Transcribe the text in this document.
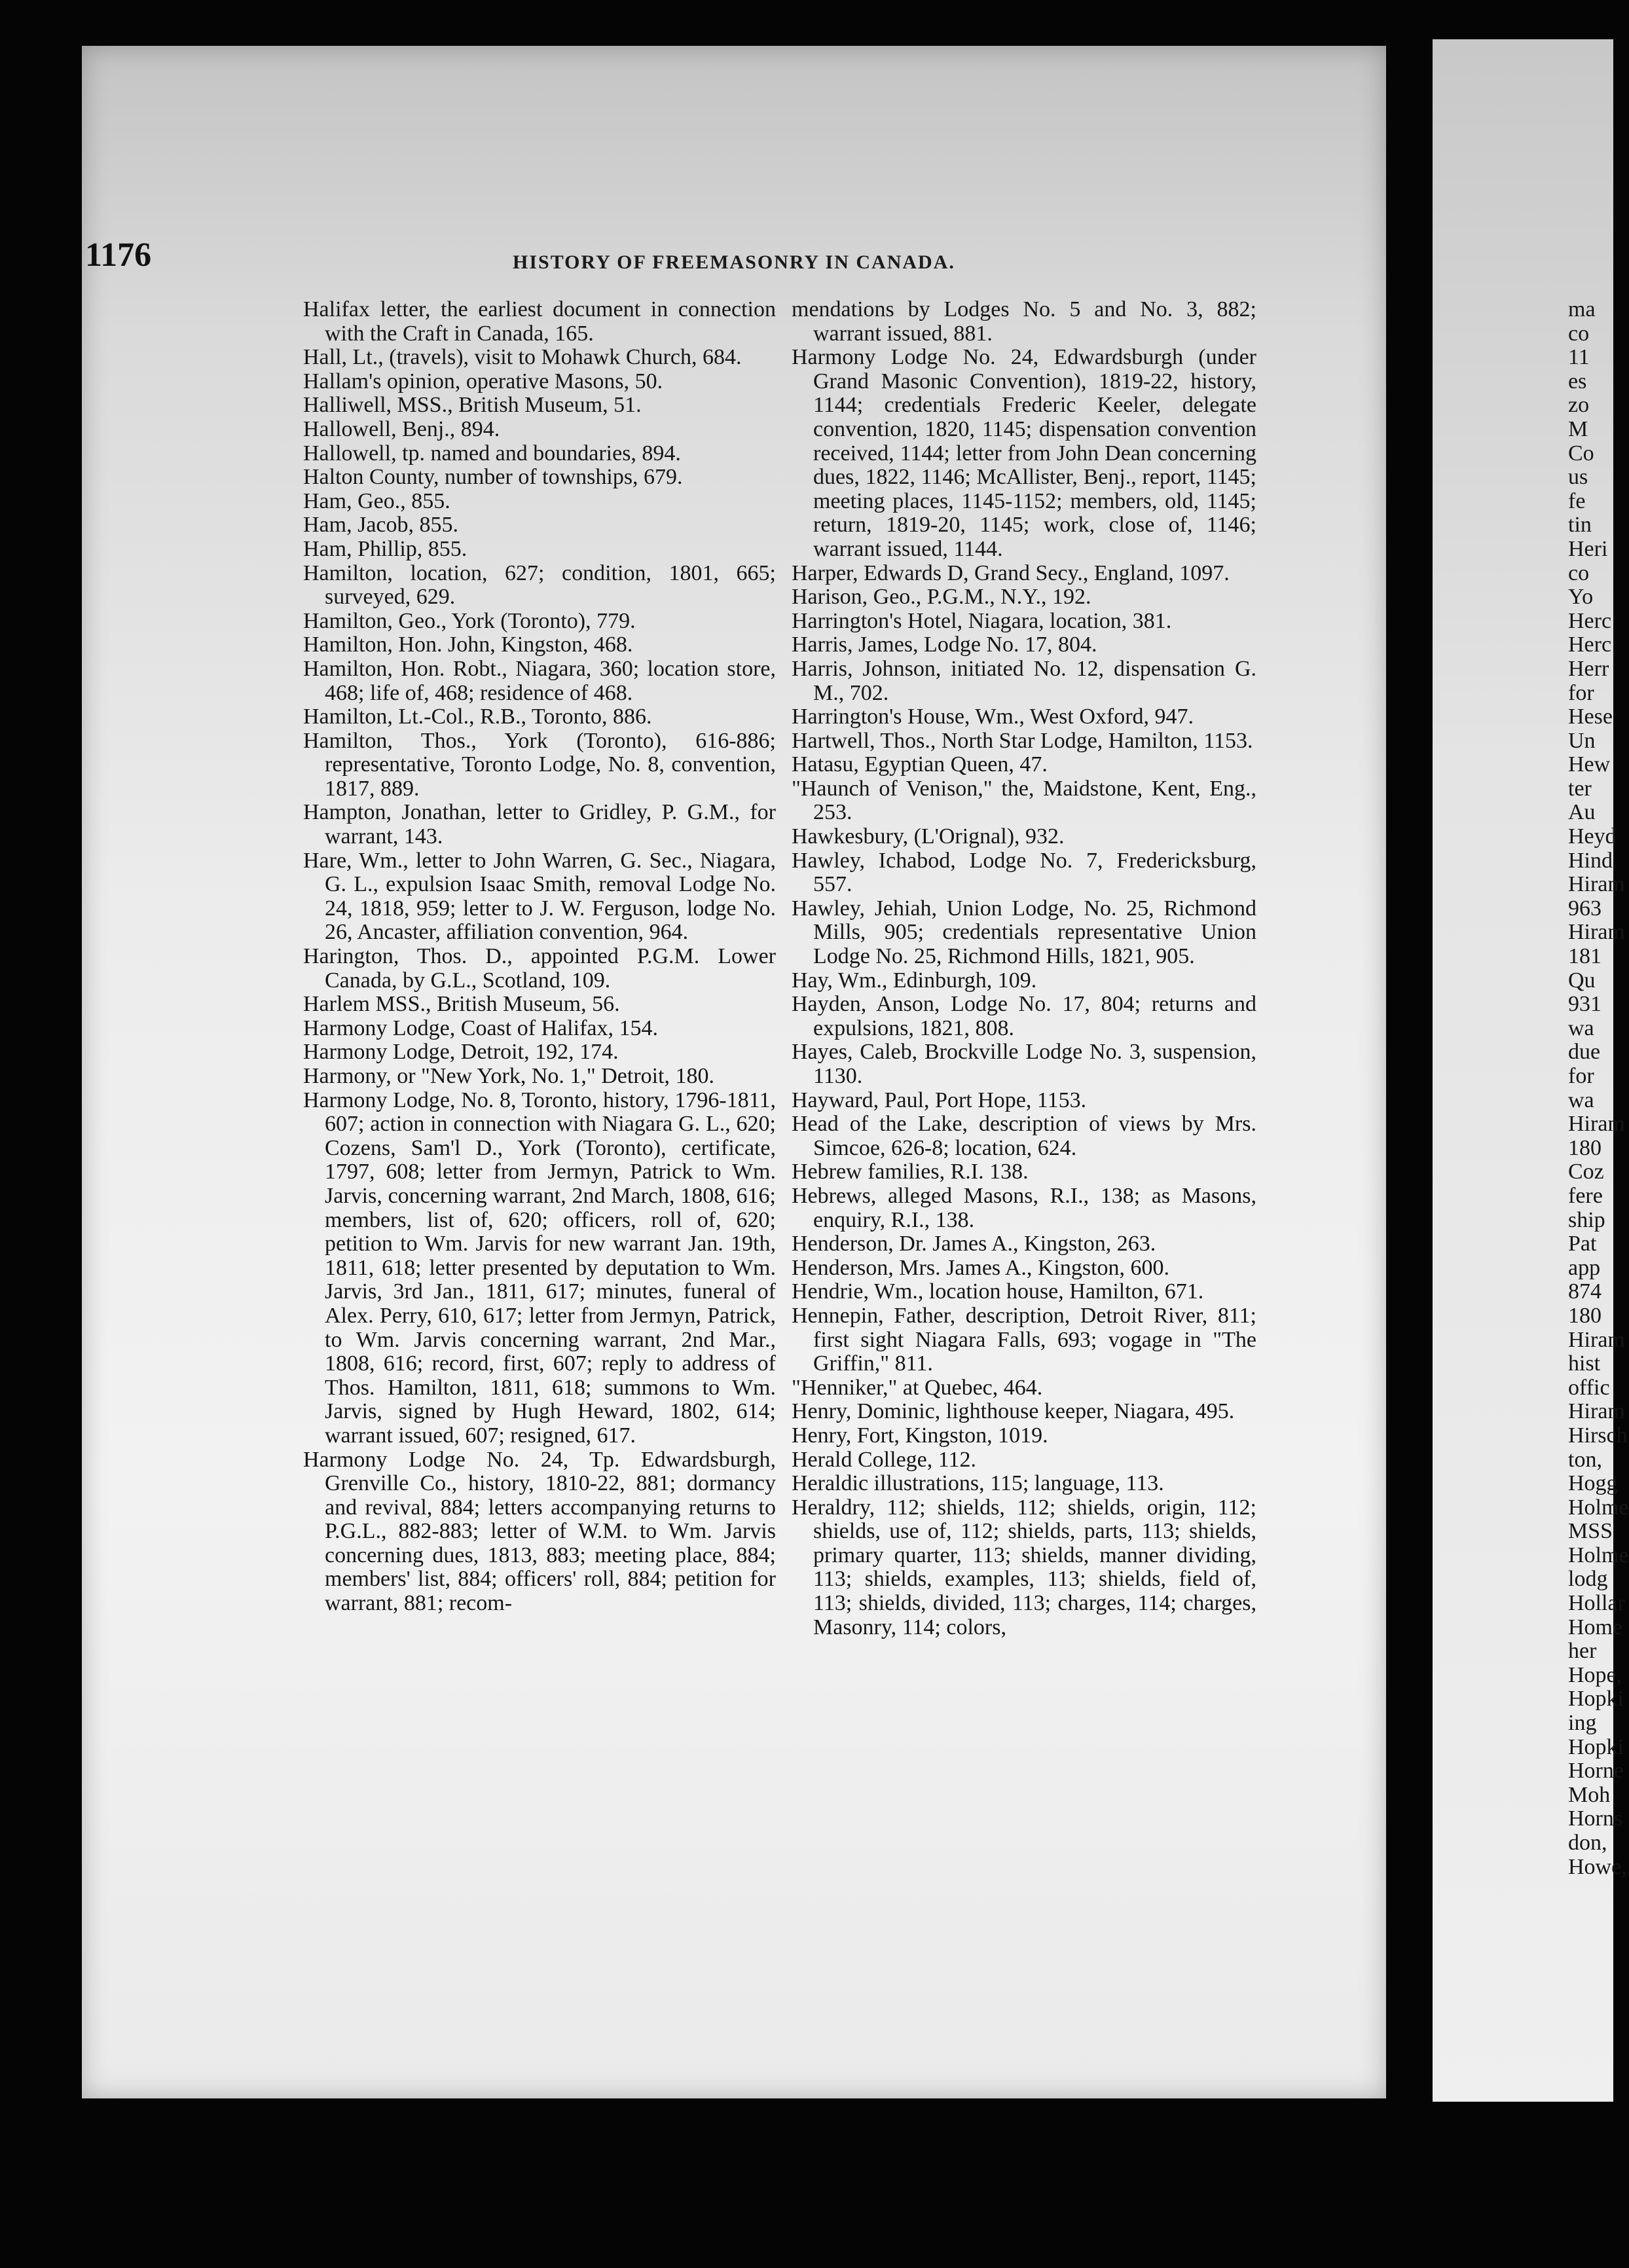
1176	HISTORY OF FREEMASONRY IN CANADA.

Halifax letter, the earliest document in connection with the Craft in Canada, 165.

Hall, Lt., (travels), visit to Mohawk Church, 684.

Hallam's opinion, operative Masons, 50.

Halliwell, MSS., British Museum, 51.

Hallowell, Benj., 894.

Hallowell, tp. named and boundaries, 894.

Halton County, number of townships, 679.

Ham, Geo., 855.

Ham, Jacob, 855.

Ham, Phillip, 855.

Hamilton, location, 627; condition, 1801, 665; surveyed, 629.

Hamilton, Geo., York (Toronto), 779.

Hamilton, Hon. John, Kingston, 468.

Hamilton, Hon. Robt., Niagara, 360; location store, 468; life of, 468; residence of 468.

Hamilton, Lt.-Col., R.B., Toronto, 886.

Hamilton, Thos., York (Toronto), 616-886; representative, Toronto Lodge, No. 8, convention, 1817, 889.

Hampton, Jonathan, letter to Gridley, P. G.M., for warrant, 143.

Hare, Wm., letter to John Warren, G. Sec., Niagara, G. L., expulsion Isaac Smith, removal Lodge No. 24, 1818, 959; letter to J. W. Ferguson, lodge No. 26, Ancaster, affiliation convention, 964.

Harington, Thos. D., appointed P.G.M. Lower Canada, by G.L., Scotland, 109.

Harlem MSS., British Museum, 56.

Harmony Lodge, Coast of Halifax, 154.

Harmony Lodge, Detroit, 192, 174.

Harmony, or "New York, No. 1," Detroit, 180.

Harmony Lodge, No. 8, Toronto, history, 1796-1811, 607; action in connection with Niagara G. L., 620; Cozens, Sam'l D., York (Toronto), certificate, 1797, 608; letter from Jermyn, Patrick to Wm. Jarvis, concerning warrant, 2nd March, 1808, 616; members, list of, 620; officers, roll of, 620; petition to Wm. Jarvis for new warrant Jan. 19th, 1811, 618; letter presented by deputation to Wm. Jarvis, 3rd Jan., 1811, 617; minutes, funeral of Alex. Perry, 610, 617; letter from Jermyn, Patrick, to Wm. Jarvis concerning warrant, 2nd Mar., 1808, 616; record, first, 607; reply to address of Thos. Hamilton, 1811, 618; summons to Wm. Jarvis, signed by Hugh Heward, 1802, 614; warrant issued, 607; resigned, 617.

Harmony Lodge No. 24, Tp. Edwardsburgh, Grenville Co., history, 1810-22, 881; dormancy and revival, 884; letters accompanying returns to P.G.L., 882-883; letter of W.M. to Wm. Jarvis concerning dues, 1813, 883; meeting place, 884; members' list, 884; officers' roll, 884; petition for warrant, 881; recom-

mendations by Lodges No. 5 and No. 3, 882; warrant issued, 881.

Harmony Lodge No. 24, Edwardsburgh (under Grand Masonic Convention), 1819-22, history, 1144; credentials Frederic Keeler, delegate convention, 1820, 1145; dispensation convention received, 1144; letter from John Dean concerning dues, 1822, 1146; McAllister, Benj., report, 1145; meeting places, 1145-1152; members, old, 1145; return, 1819-20, 1145; work, close of, 1146; warrant issued, 1144.

Harper, Edwards D, Grand Secy., England, 1097.

Harison, Geo., P.G.M., N.Y., 192.

Harrington's Hotel, Niagara, location, 381.

Harris, James, Lodge No. 17, 804.

Harris, Johnson, initiated No. 12, dispensation G. M., 702.

Harrington's House, Wm., West Oxford, 947.

Hartwell, Thos., North Star Lodge, Hamilton, 1153.

Hatasu, Egyptian Queen, 47.

"Haunch of Venison," the, Maidstone, Kent, Eng., 253.

Hawkesbury, (L'Orignal), 932.

Hawley, Ichabod, Lodge No. 7, Fredericksburg, 557.

Hawley, Jehiah, Union Lodge, No. 25, Richmond Mills, 905; credentials representative Union Lodge No. 25, Richmond Hills, 1821, 905.

Hay, Wm., Edinburgh, 109.

Hayden, Anson, Lodge No. 17, 804; returns and expulsions, 1821, 808.

Hayes, Caleb, Brockville Lodge No. 3, suspension, 1130.

Hayward, Paul, Port Hope, 1153.

Head of the Lake, description of views by Mrs. Simcoe, 626-8; location, 624.

Hebrew families, R.I. 138.

Hebrews, alleged Masons, R.I., 138; as Masons, enquiry, R.I., 138.

Henderson, Dr. James A., Kingston, 263.

Henderson, Mrs. James A., Kingston, 600.

Hendrie, Wm., location house, Hamilton, 671.

Hennepin, Father, description, Detroit River, 811; first sight Niagara Falls, 693; vogage in "The Griffin," 811.

"Henniker," at Quebec, 464.

Henry, Dominic, lighthouse keeper, Niagara, 495.

Henry, Fort, Kingston, 1019.

Herald College, 112.

Heraldic illustrations, 115; language, 113.

Heraldry, 112; shields, 112; shields, origin, 112; shields, use of, 112; shields, parts, 113; shields, primary quarter, 113; shields, manner dividing, 113; shields, examples, 113; shields, field of, 113; shields, divided, 113; charges, 114; charges, Masonry, 114; colors,

ma

co

11

es

zo

M

Co

us

fe

tin

Heri

co

Yo

Herc

Herc

Herr

for

Hese

Un

Hew

ter

Au

Heyd

Hind

Hiram

963

Hiram

181

Qu

931

wa

due

for

wa

Hiram

180

Coz

fere

ship

Pat

app

874

180

Hiram

hist

offic

Hiram

Hirsch

ton,

Hogg

Holme

MSS

Holme

lodg

Hollar

Home

her

Hope,

Hopki

ing

Hopki

Horne

Moh

Horns

don,

Howe,
